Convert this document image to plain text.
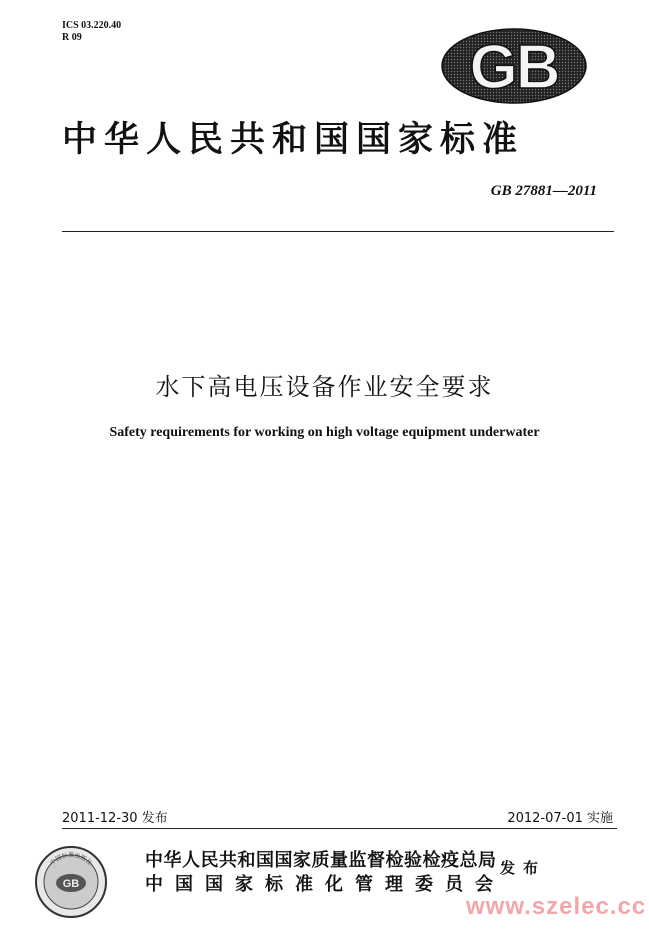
ICS 03.220.40
R 09	GB
中华人民共和国国家标准
GB 27881—2011
水下高电压设备作业安全要求
Safety requirements for working on high voltage equipment underwater
2011-12-30 发布	2012-07-01 实施
GB
中国标准出版社	中华人民共和国国家质量监督检验检疫总局
中国国家标准化管理委员会
发布
www.szelec.cc
